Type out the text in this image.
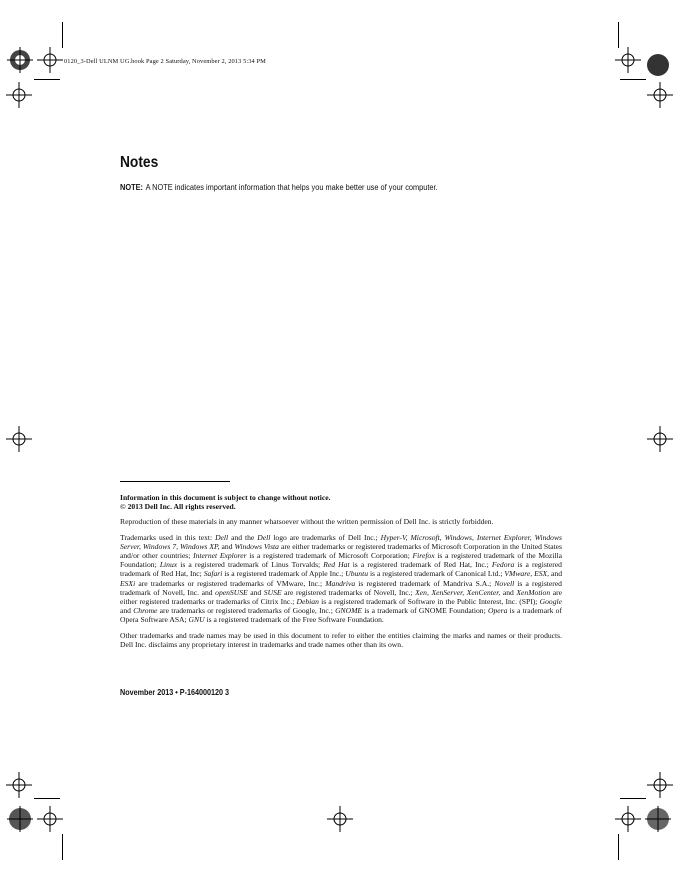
0120_3-Dell ULNM UG.book Page 2 Saturday, November 2, 2013 5:34 PM
Notes
NOTE: A NOTE indicates important information that helps you make better use of your computer.

Information in this document is subject to change without notice.

© 2013 Dell Inc. All rights reserved.

Reproduction of these materials in any manner whatsoever without the written permission of Dell Inc. is strictly forbidden.

Trademarks used in this text: Dell and the Dell logo are trademarks of Dell Inc.; Hyper-V, Microsoft, Windows, Internet Explorer, Windows Server, Windows 7, Windows XP, and Windows Vista are either trademarks or registered trademarks of Microsoft Corporation in the United States and/or other countries; Internet Explorer is a registered trademark of Microsoft Corporation; Firefox is a registered trademark of the Mozilla Foundation; Linux is a registered trademark of Linus Torvalds; Red Hat is a registered trademark of Red Hat, Inc.; Fedora is a registered trademark of Red Hat, Inc; Safari is a registered trademark of Apple Inc.; Ubuntu is a registered trademark of Canonical Ltd.; VMware, ESX, and ESXi are trademarks or registered trademarks of VMware, Inc.; Mandriva is registered trademark of Mandriva S.A.; Novell is a registered trademark of Novell, Inc. and openSUSE and SUSE are registered trademarks of Novell, Inc.; Xen, XenServer, XenCenter, and XenMotion are either registered trademarks or trademarks of Citrix Inc.; Debian is a registered trademark of Software in the Public Interest, Inc. (SPI); Google and Chrome are trademarks or registered trademarks of Google, Inc.; GNOME is a trademark of GNOME Foundation; Opera is a trademark of Opera Software ASA; GNU is a registered trademark of the Free Software Foundation.

Other trademarks and trade names may be used in this document to refer to either the entities claiming the marks and names or their products. Dell Inc. disclaims any proprietary interest in trademarks and trade names other than its own.

November 2013 • P-164000120 3
